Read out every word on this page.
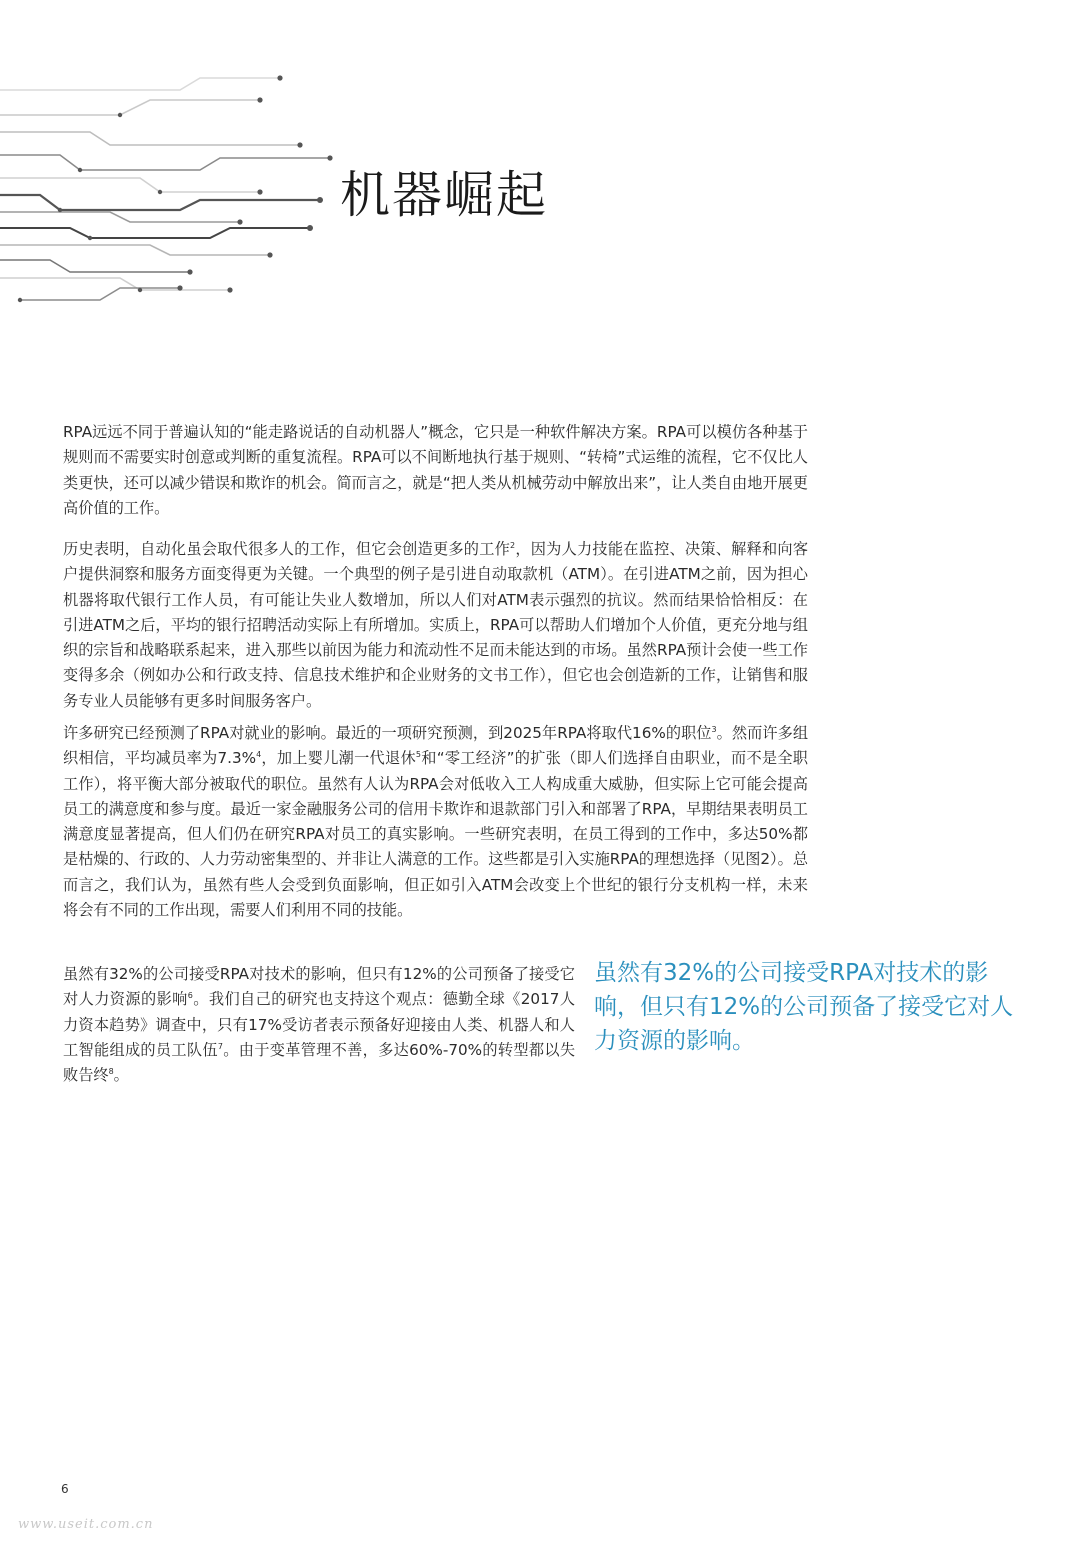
机器崛起

RPA远远不同于普遍认知的“能走路说话的自动机器人”概念，它只是一种软件解决方案。RPA可以模仿各种基于规则而不需要实时创意或判断的重复流程。RPA可以不间断地执行基于规则、“转椅”式运维的流程，它不仅比人类更快，还可以减少错误和欺诈的机会。简而言之，就是“把人类从机械劳动中解放出来”，让人类自由地开展更高价值的工作。

历史表明，自动化虽会取代很多人的工作，但它会创造更多的工作$^2$，因为人力技能在监控、决策、解释和向客户提供洞察和服务方面变得更为关键。一个典型的例子是引进自动取款机（ATM）。在引进ATM之前，因为担心机器将取代银行工作人员，有可能让失业人数增加，所以人们对ATM表示强烈的抗议。然而结果恰恰相反：在引进ATM之后，平均的银行招聘活动实际上有所增加。实质上，RPA可以帮助人们增加个人价值，更充分地与组织的宗旨和战略联系起来，进入那些以前因为能力和流动性不足而未能达到的市场。虽然RPA预计会使一些工作变得多余（例如办公和行政支持、信息技术维护和企业财务的文书工作），但它也会创造新的工作，让销售和服务专业人员能够有更多时间服务客户。

许多研究已经预测了RPA对就业的影响。最近的一项研究预测，到2025年RPA将取代16%的职位$^3$。然而许多组织相信，平均减员率为7.3%$^4$，加上婴儿潮一代退休$^5$和“零工经济”的扩张（即人们选择自由职业，而不是全职工作），将平衡大部分被取代的职位。虽然有人认为RPA会对低收入工人构成重大威胁，但实际上它可能会提高员工的满意度和参与度。最近一家金融服务公司的信用卡欺诈和退款部门引入和部署了RPA，早期结果表明员工满意度显著提高，但人们仍在研究RPA对员工的真实影响。一些研究表明，在员工得到的工作中，多达50%都是枯燥的、行政的、人力劳动密集型的、并非让人满意的工作。这些都是引入实施RPA的理想选择（见图2）。总而言之，我们认为，虽然有些人会受到负面影响，但正如引入ATM会改变上个世纪的银行分支机构一样，未来将会有不同的工作出现，需要人们利用不同的技能。

虽然有32%的公司接受RPA对技术的影响，但只有12%的公司预备了接受它对人力资源的影响$^6$。我们自己的研究也支持这个观点：德勤全球《2017人力资本趋势》调查中，只有17%受访者表示预备好迎接由人类、机器人和人工智能组成的员工队伍$^7$。由于变革管理不善，多达60%-70%的转型都以失败告终$^8$。

虽然有32%的公司接受RPA对技术的影响，但只有12%的公司预备了接受它对人力资源的影响。

6
www.useit.com.cn
